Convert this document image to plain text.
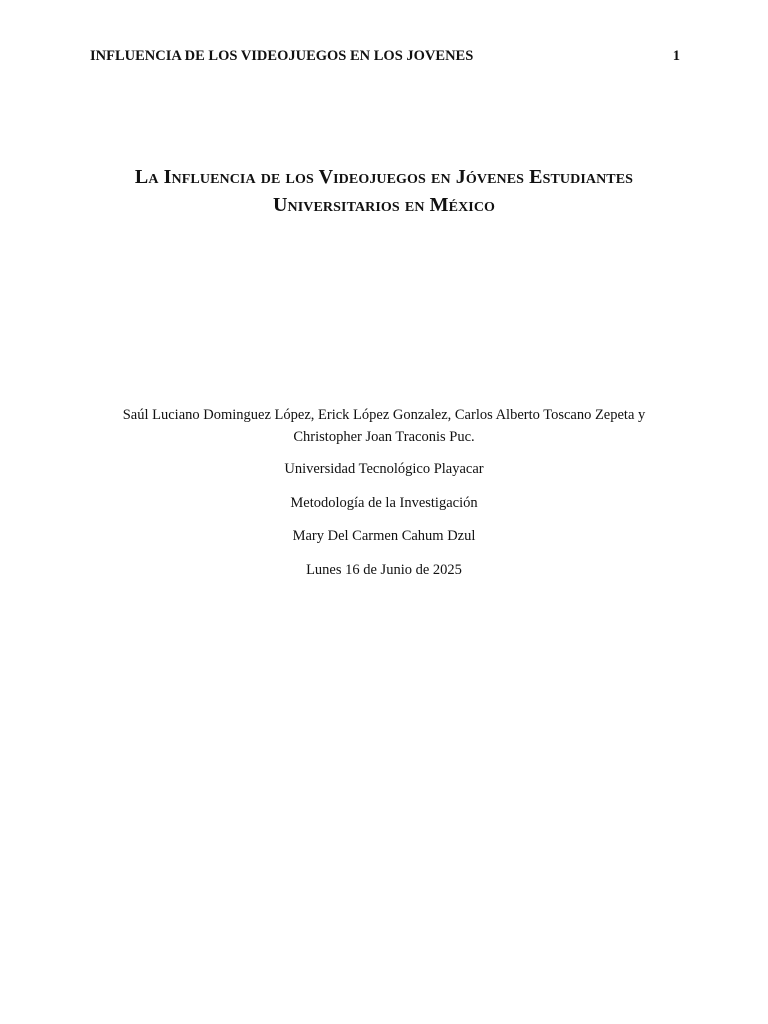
INFLUENCIA DE LOS VIDEOJUEGOS EN LOS JOVENES	1
La Influencia de los Videojuegos en Jóvenes Estudiantes
Universitarios en México
Saúl Luciano Dominguez López, Erick López Gonzalez, Carlos Alberto Toscano Zepeta y
Christopher Joan Traconis Puc.
Universidad Tecnológico Playacar
Metodología de la Investigación
Mary Del Carmen Cahum Dzul
Lunes 16 de Junio de 2025
